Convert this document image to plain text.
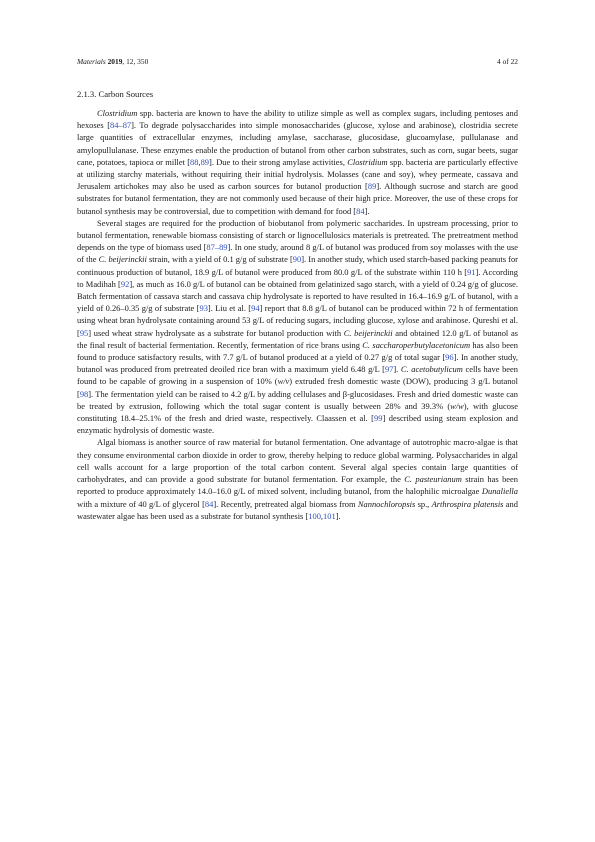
Materials 2019, 12, 350	4 of 22
2.1.3. Carbon Sources

Clostridium spp. bacteria are known to have the ability to utilize simple as well as complex sugars, including pentoses and hexoses [84–87]. To degrade polysaccharides into simple monosaccharides (glucose, xylose and arabinose), clostridia secrete large quantities of extracellular enzymes, including amylase, saccharase, glucosidase, glucoamylase, pullulanase and amylopullulanase. These enzymes enable the production of butanol from other carbon substrates, such as corn, sugar beets, sugar cane, potatoes, tapioca or millet [88,89]. Due to their strong amylase activities, Clostridium spp. bacteria are particularly effective at utilizing starchy materials, without requiring their initial hydrolysis. Molasses (cane and soy), whey permeate, cassava and Jerusalem artichokes may also be used as carbon sources for butanol production [89]. Although sucrose and starch are good substrates for butanol fermentation, they are not commonly used because of their high price. Moreover, the use of these crops for butanol synthesis may be controversial, due to competition with demand for food [84].

Several stages are required for the production of biobutanol from polymeric saccharides. In upstream processing, prior to butanol fermentation, renewable biomass consisting of starch or lignocellulosics materials is pretreated. The pretreatment method depends on the type of biomass used [87–89]. In one study, around 8 g/L of butanol was produced from soy molasses with the use of the C. beijerinckii strain, with a yield of 0.1 g/g of substrate [90]. In another study, which used starch-based packing peanuts for continuous production of butanol, 18.9 g/L of butanol were produced from 80.0 g/L of the substrate within 110 h [91]. According to Madihah [92], as much as 16.0 g/L of butanol can be obtained from gelatinized sago starch, with a yield of 0.24 g/g of glucose. Batch fermentation of cassava starch and cassava chip hydrolysate is reported to have resulted in 16.4–16.9 g/L of butanol, with a yield of 0.26–0.35 g/g of substrate [93]. Liu et al. [94] report that 8.8 g/L of butanol can be produced within 72 h of fermentation using wheat bran hydrolysate containing around 53 g/L of reducing sugars, including glucose, xylose and arabinose. Qureshi et al. [95] used wheat straw hydrolysate as a substrate for butanol production with C. beijerinckii and obtained 12.0 g/L of butanol as the final result of bacterial fermentation. Recently, fermentation of rice brans using C. saccharoperbutylacetonicum has also been found to produce satisfactory results, with 7.7 g/L of butanol produced at a yield of 0.27 g/g of total sugar [96]. In another study, butanol was produced from pretreated deoiled rice bran with a maximum yield 6.48 g/L [97]. C. acetobutylicum cells have been found to be capable of growing in a suspension of 10% (w/v) extruded fresh domestic waste (DOW), producing 3 g/L butanol [98]. The fermentation yield can be raised to 4.2 g/L by adding cellulases and β-glucosidases. Fresh and dried domestic waste can be treated by extrusion, following which the total sugar content is usually between 28% and 39.3% (w/w), with glucose constituting 18.4–25.1% of the fresh and dried waste, respectively. Claassen et al. [99] described using steam explosion and enzymatic hydrolysis of domestic waste.

Algal biomass is another source of raw material for butanol fermentation. One advantage of autotrophic macro-algae is that they consume environmental carbon dioxide in order to grow, thereby helping to reduce global warming. Polysaccharides in algal cell walls account for a large proportion of the total carbon content. Several algal species contain large quantities of carbohydrates, and can provide a good substrate for butanol fermentation. For example, the C. pasteurianum strain has been reported to produce approximately 14.0–16.0 g/L of mixed solvent, including butanol, from the halophilic microalgae Dunaliella with a mixture of 40 g/L of glycerol [84]. Recently, pretreated algal biomass from Nannochloropsis sp., Arthrospira platensis and wastewater algae has been used as a substrate for butanol synthesis [100,101].
